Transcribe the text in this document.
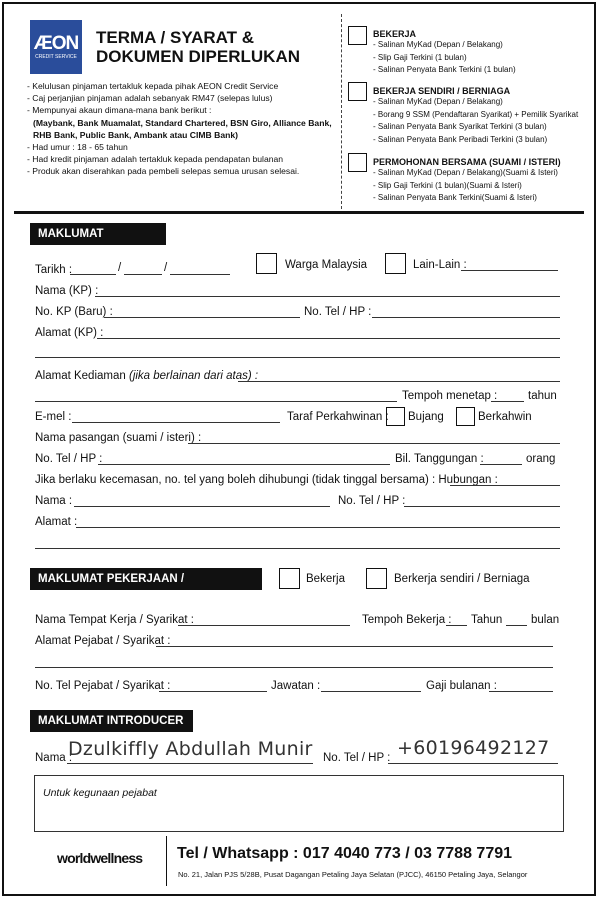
ÆON
CREDIT SERVICE
TERMA / SYARAT &
DOKUMEN DIPERLUKAN
- Kelulusan pinjaman tertakluk kepada pihak AEON Credit Service
- Caj perjanjian pinjaman adalah sebanyak RM47 (selepas lulus)
- Mempunyai akaun dimana-mana bank berikut :
(Maybank, Bank Muamalat, Standard Chartered, BSN Giro, Alliance Bank,
RHB Bank, Public Bank, Ambank atau CIMB Bank)
- Had umur : 18 - 65 tahun
- Had kredit pinjaman adalah tertakluk kepada pendapatan bulanan
- Produk akan diserahkan pada pembeli selepas semua urusan selesai.
BEKERJA
- Salinan MyKad (Depan / Belakang)
- Slip Gaji Terkini (1 bulan)
- Salinan Penyata Bank Terkini (1 bulan)
BEKERJA SENDIRI / BERNIAGA
- Salinan MyKad (Depan / Belakang)
- Borang 9 SSM (Pendaftaran Syarikat) + Pemilik Syarikat
- Salinan Penyata Bank Syarikat Terkini (3 bulan)
- Salinan Penyata Bank Peribadi Terkini (3 bulan)
PERMOHONAN BERSAMA (SUAMI / ISTERI)
- Salinan MyKad (Depan / Belakang)(Suami & Isteri)
- Slip Gaji Terkini (1 bulan)(Suami & Isteri)
- Salinan Penyata Bank Terkini(Suami & Isteri)
MAKLUMAT PEMOHON
Tarikh :	/	/	Warga Malaysia	Lain-Lain :
Nama (KP) :
No. KP (Baru) :	No. Tel / HP :
Alamat (KP) :
Alamat Kediaman (jika berlainan dari atas) :
Tempoh menetap :	tahun
E-mel :	Taraf Perkahwinan : Bujang	Berkahwin
Nama pasangan (suami / isteri) :
No. Tel / HP :	Bil. Tanggungan :	orang
Jika berlaku kecemasan, no. tel yang boleh dihubungi (tidak tinggal bersama) : Hubungan :
Nama :	No. Tel / HP :
Alamat :
MAKLUMAT PEKERJAAN / PERNIAGAAN
Bekerja	Berkerja sendiri / Berniaga
Nama Tempat Kerja / Syarikat :	Tempoh Bekerja : Tahun bulan
Alamat Pejabat / Syarikat :
No. Tel Pejabat / Syarikat :	Jawatan :	Gaji bulanan :
MAKLUMAT INTRODUCER
Nama :
Dzulkiffly Abdullah Munir No. Tel / HP : +60196492127
Untuk kegunaan pejabat
worldwellness Tel / Whatsapp : 017 4040 773 / 03 7788 7791
No. 21, Jalan PJS 5/28B, Pusat Dagangan Petaling Jaya Selatan (PJCC), 46150 Petaling Jaya, Selangor
